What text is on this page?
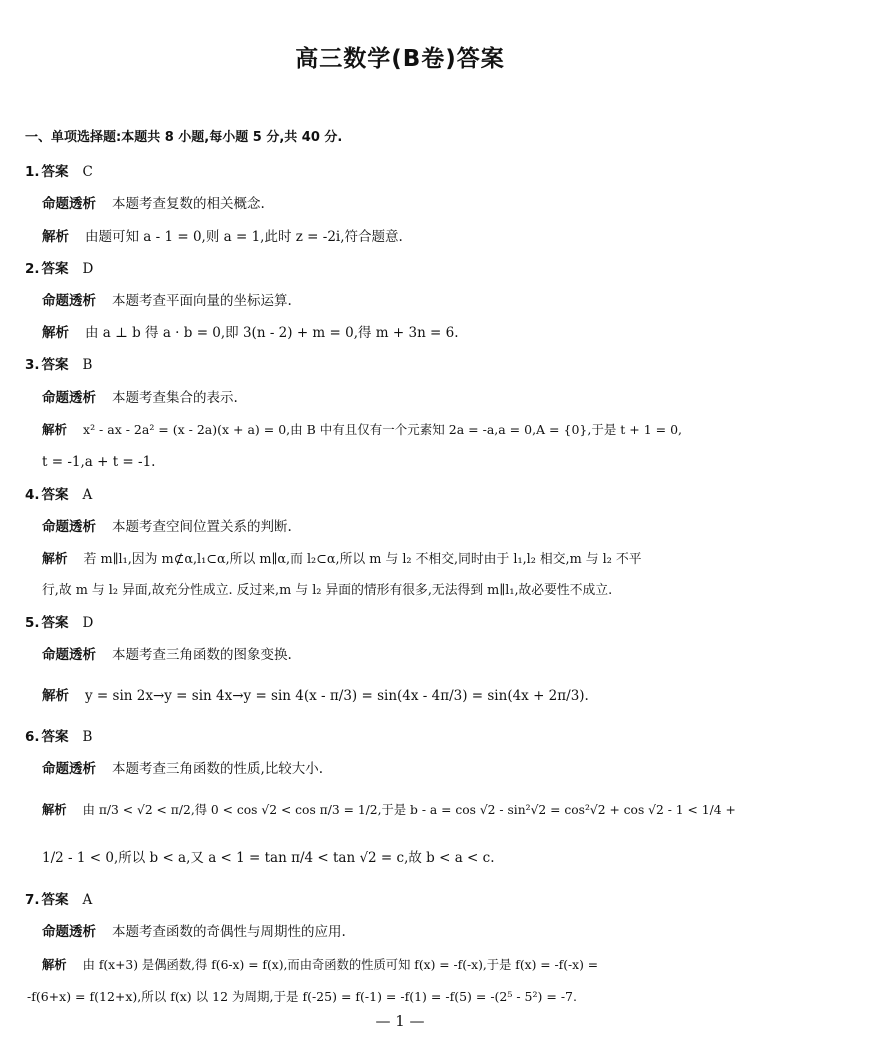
高三数学(B卷)答案
一、单项选择题:本题共 8 小题,每小题 5 分,共 40 分.
1. 答案 C
命题透析 本题考查复数的相关概念.
解析 由题可知 a - 1 = 0,则 a = 1,此时 z = -2i,符合题意.
2. 答案 D
命题透析 本题考查平面向量的坐标运算.
解析 由 a ⊥ b 得 a · b = 0,即 3(n - 2) + m = 0,得 m + 3n = 6.
3. 答案 B
命题透析 本题考查集合的表示.
解析 x² - ax - 2a² = (x - 2a)(x + a) = 0,由 B 中有且仅有一个元素知 2a = -a,a = 0,A = {0},于是 t + 1 = 0,
t = -1,a + t = -1.
4. 答案 A
命题透析 本题考查空间位置关系的判断.
解析 若 m∥l₁,因为 m⊄α,l₁⊂α,所以 m∥α,而 l₂⊂α,所以 m 与 l₂ 不相交,同时由于 l₁,l₂ 相交,m 与 l₂ 不平
行,故 m 与 l₂ 异面,故充分性成立. 反过来,m 与 l₂ 异面的情形有很多,无法得到 m∥l₁,故必要性不成立.
5. 答案 D
命题透析 本题考查三角函数的图象变换.
解析 y = sin 2x→y = sin 4x→y = sin 4(x - π/3) = sin(4x - 4π/3) = sin(4x + 2π/3).
6. 答案 B
命题透析 本题考查三角函数的性质,比较大小.
解析 由 π/3 < √2 < π/2,得 0 < cos √2 < cos π/3 = 1/2,于是 b - a = cos √2 - sin²√2 = cos²√2 + cos √2 - 1 < 1/4 +
1/2 - 1 < 0,所以 b < a,又 a < 1 = tan π/4 < tan √2 = c,故 b < a < c.
7. 答案 A
命题透析 本题考查函数的奇偶性与周期性的应用.
解析 由 f(x+3) 是偶函数,得 f(6-x) = f(x),而由奇函数的性质可知 f(x) = -f(-x),于是 f(x) = -f(-x) =
-f(6+x) = f(12+x),所以 f(x) 以 12 为周期,于是 f(-25) = f(-1) = -f(1) = -f(5) = -(2⁵ - 5²) = -7.
— 1 —
